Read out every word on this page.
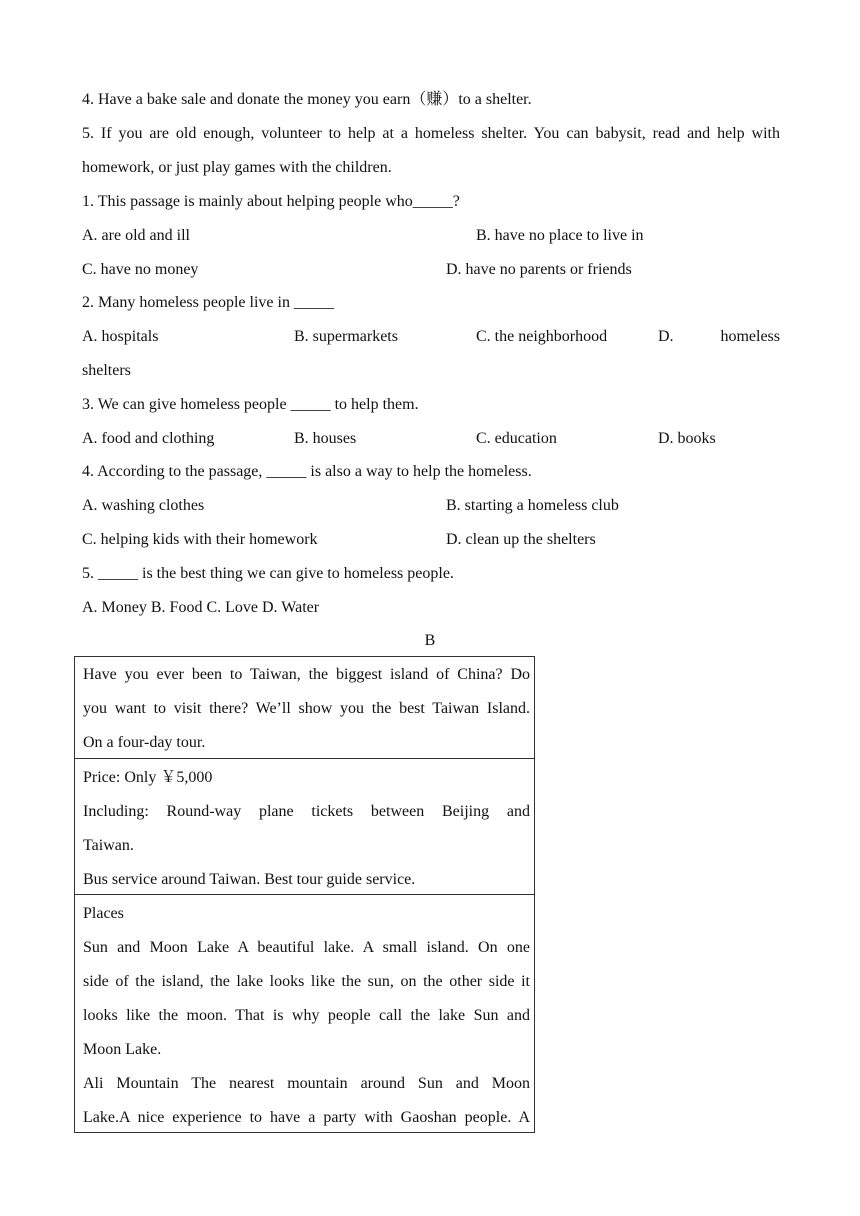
4. Have a bake sale and donate the money you earn（赚）to a shelter.
5. If you are old enough, volunteer to help at a homeless shelter. You can babysit, read and help with
homework, or just play games with the children.
1. This passage is mainly about helping people who_____?
A. are old and ill	B. have no place to live in
C. have no money	D. have no parents or friends
2. Many homeless people live in _____
A. hospitals	B. supermarkets	C. the neighborhood	D.	homeless
shelters
3. We can give homeless people _____ to help them.
A. food and clothing	B. houses	C. education	D. books
4. According to the passage, _____ is also a way to help the homeless.
A. washing clothes	B. starting a homeless club
C. helping kids with their homework	D. clean up the shelters
5. _____ is the best thing we can give to homeless people.
A. Money B. Food C. Love D. Water
B
Have you ever been to Taiwan, the biggest island of China? Do
you want to visit there? We’ll show you the best Taiwan Island.
On a four-day tour.
Price: Only ￥5,000
Including: Round-way plane tickets between Beijing and
Taiwan.
Bus service around Taiwan. Best tour guide service.
Places
Sun and Moon Lake A beautiful lake. A small island. On one
side of the island, the lake looks like the sun, on the other side it
looks like the moon. That is why people call the lake Sun and
Moon Lake.
Ali Mountain The nearest mountain around Sun and Moon
Lake.A nice experience to have a party with Gaoshan people. A
